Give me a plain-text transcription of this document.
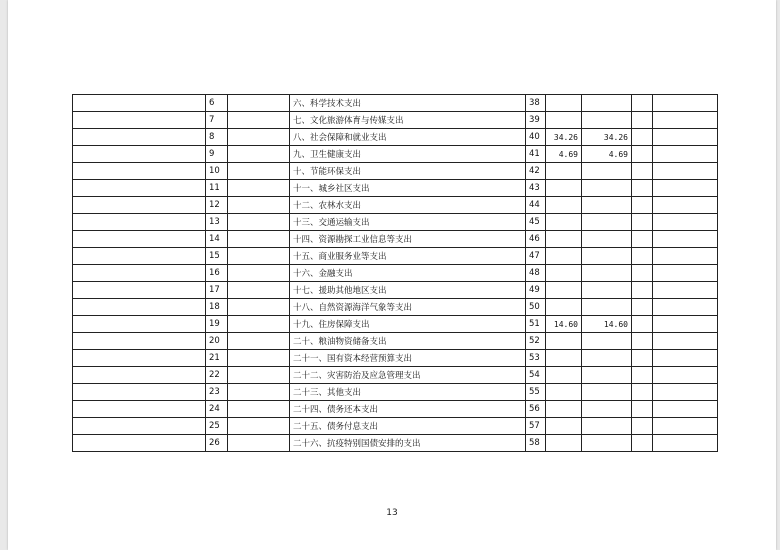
	6		六、科学技术支出	38				
	7		七、文化旅游体育与传媒支出	39				
	8		八、社会保障和就业支出	40	34.26	34.26		
	9		九、卫生健康支出	41	4.69	4.69		
	10		十、节能环保支出	42				
	11		十一、城乡社区支出	43				
	12		十二、农林水支出	44				
	13		十三、交通运输支出	45				
	14		十四、资源勘探工业信息等支出	46				
	15		十五、商业服务业等支出	47				
	16		十六、金融支出	48				
	17		十七、援助其他地区支出	49				
	18		十八、自然资源海洋气象等支出	50				
	19		十九、住房保障支出	51	14.60	14.60		
	20		二十、粮油物资储备支出	52				
	21		二十一、国有资本经营预算支出	53				
	22		二十二、灾害防治及应急管理支出	54				
	23		二十三、其他支出	55				
	24		二十四、债务还本支出	56				
	25		二十五、债务付息支出	57				
	26		二十六、抗疫特别国债安排的支出	58				
13
